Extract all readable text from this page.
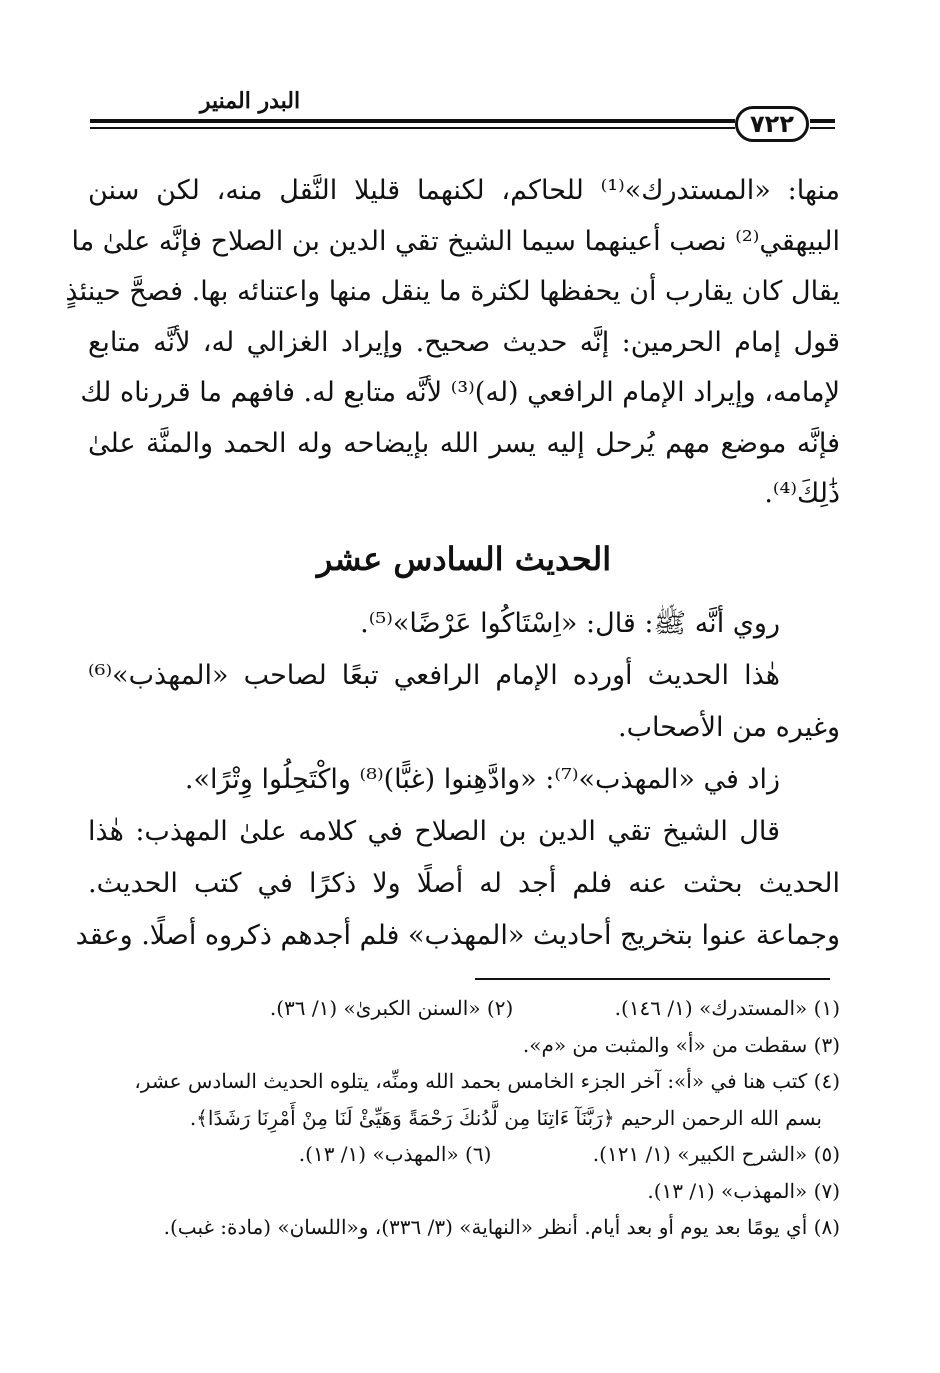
البدر المنير
٧٢٢
منها: «المستدرك»⁽¹⁾ للحاكم، لكنهما قليلا النَّقل منه، لكن سنن
البيهقي⁽²⁾ نصب أعينهما سيما الشيخ تقي الدين بن الصلاح فإنَّه علىٰ ما
يقال كان يقارب أن يحفظها لكثرة ما ينقل منها واعتنائه بها. فصحَّ حينئذٍ
قول إمام الحرمين: إنَّه حديث صحيح. وإيراد الغزالي له، لأنَّه متابع
لإمامه، وإيراد الإمام الرافعي (له)⁽³⁾ لأنَّه متابع له. فافهم ما قررناه لك
فإنَّه موضع مهم يُرحل إليه يسر الله بإيضاحه وله الحمد والمنَّة علىٰ
ذَٰلِكَ⁽⁴⁾.
الحديث السادس عشر
روي أنَّه ﷺ: قال: «اِسْتَاكُوا عَرْضًا»⁽⁵⁾.
هٰذا الحديث أورده الإمام الرافعي تبعًا لصاحب «المهذب»⁽⁶⁾
وغيره من الأصحاب.
زاد في «المهذب»⁽⁷⁾: «وادَّهِنوا (غبًّا)⁽⁸⁾ واكْتَحِلُوا وِتْرًا».
قال الشيخ تقي الدين بن الصلاح في كلامه علىٰ المهذب: هٰذا
الحديث بحثت عنه فلم أجد له أصلًا ولا ذكرًا في كتب الحديث.
وجماعة عنوا بتخريج أحاديث «المهذب» فلم أجدهم ذكروه أصلًا. وعقد
(١) «المستدرك» (١/ ١٤٦). (٢) «السنن الكبرىٰ» (١/ ٣٦).
(٣) سقطت من «أ» والمثبت من «م».
(٤) كتب هنا في «أ»: آخر الجزء الخامس بحمد الله ومنِّه، يتلوه الحديث السادس عشر،
بسم الله الرحمن الرحيم ﴿رَبَّنَآ ءَاتِنَا مِن لَّدُنكَ رَحْمَةً وَهَيِّئْ لَنَا مِنْ أَمْرِنَا رَشَدًا﴾.
(٥) «الشرح الكبير» (١/ ١٢١). (٦) «المهذب» (١/ ١٣).
(٧) «المهذب» (١/ ١٣).
(٨) أي يومًا بعد يوم أو بعد أيام. أنظر «النهاية» (٣/ ٣٣٦)، و«اللسان» (مادة: غبب).
